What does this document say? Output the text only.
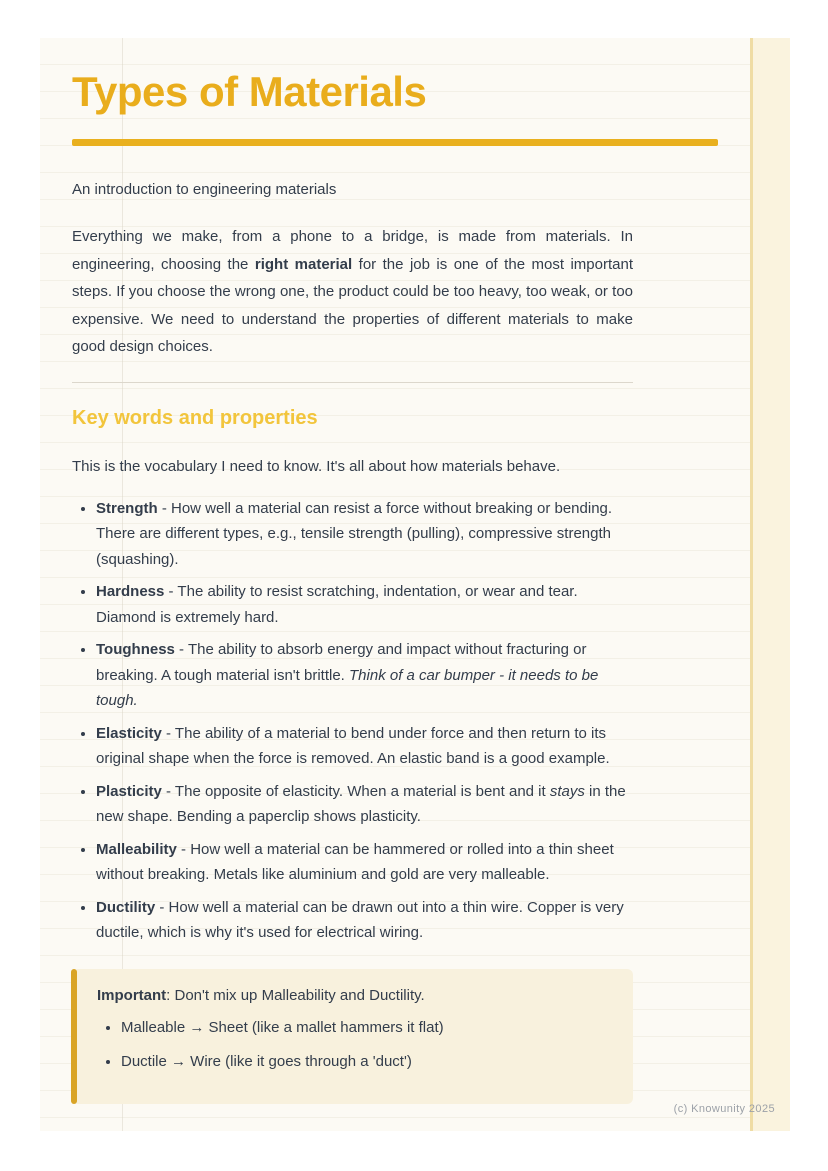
Types of Materials

An introduction to engineering materials

Everything we make, from a phone to a bridge, is made from materials. In engineering, choosing the right material for the job is one of the most important steps. If you choose the wrong one, the product could be too heavy, too weak, or too expensive. We need to understand the properties of different materials to make good design choices.

Key words and properties

This is the vocabulary I need to know. It's all about how materials behave.

• Strength - How well a material can resist a force without breaking or bending. There are different types, e.g., tensile strength (pulling), compressive strength (squashing).
• Hardness - The ability to resist scratching, indentation, or wear and tear. Diamond is extremely hard.
• Toughness - The ability to absorb energy and impact without fracturing or breaking. A tough material isn't brittle. Think of a car bumper - it needs to be tough.
• Elasticity - The ability of a material to bend under force and then return to its original shape when the force is removed. An elastic band is a good example.
• Plasticity - The opposite of elasticity. When a material is bent and it stays in the new shape. Bending a paperclip shows plasticity.
• Malleability - How well a material can be hammered or rolled into a thin sheet without breaking. Metals like aluminium and gold are very malleable.
• Ductility - How well a material can be drawn out into a thin wire. Copper is very ductile, which is why it's used for electrical wiring.

Important: Don't mix up Malleability and Ductility.

• Malleable → Sheet (like a mallet hammers it flat)
• Ductile → Wire (like it goes through a 'duct')
(c) Knowunity 2025
